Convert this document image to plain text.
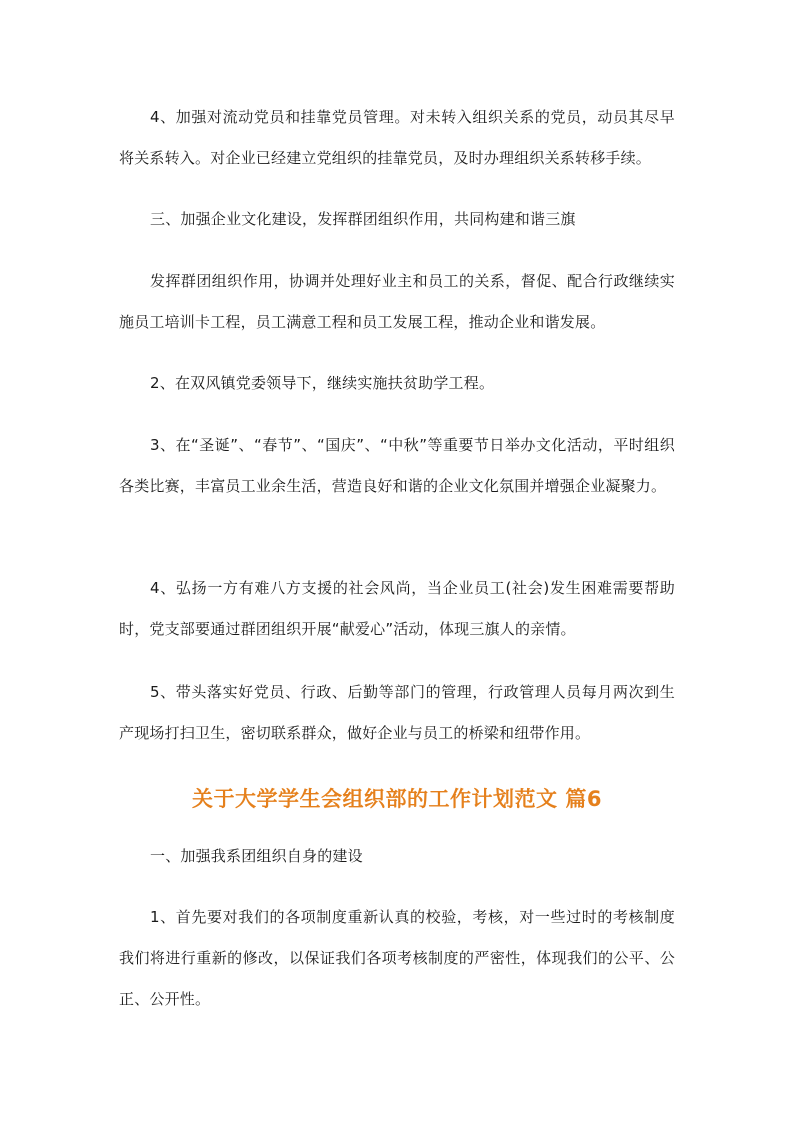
4、加强对流动党员和挂靠党员管理。对未转入组织关系的党员，动员其尽早将关系转入。对企业已经建立党组织的挂靠党员，及时办理组织关系转移手续。

三、加强企业文化建设，发挥群团组织作用，共同构建和谐三旗

发挥群团组织作用，协调并处理好业主和员工的关系，督促、配合行政继续实施员工培训卡工程，员工满意工程和员工发展工程，推动企业和谐发展。

2、在双风镇党委领导下，继续实施扶贫助学工程。

3、在“圣诞”、“春节”、“国庆”、“中秋”等重要节日举办文化活动，平时组织各类比赛，丰富员工业余生活，营造良好和谐的企业文化氛围并增强企业凝聚力。

4、弘扬一方有难八方支援的社会风尚，当企业员工(社会)发生困难需要帮助时，党支部要通过群团组织开展“献爱心”活动，体现三旗人的亲情。

5、带头落实好党员、行政、后勤等部门的管理，行政管理人员每月两次到生产现场打扫卫生，密切联系群众，做好企业与员工的桥梁和纽带作用。

关于大学学生会组织部的工作计划范文 篇6

一、加强我系团组织自身的建设

1、首先要对我们的各项制度重新认真的校验，考核，对一些过时的考核制度我们将进行重新的修改，以保证我们各项考核制度的严密性，体现我们的公平、公正、公开性。
